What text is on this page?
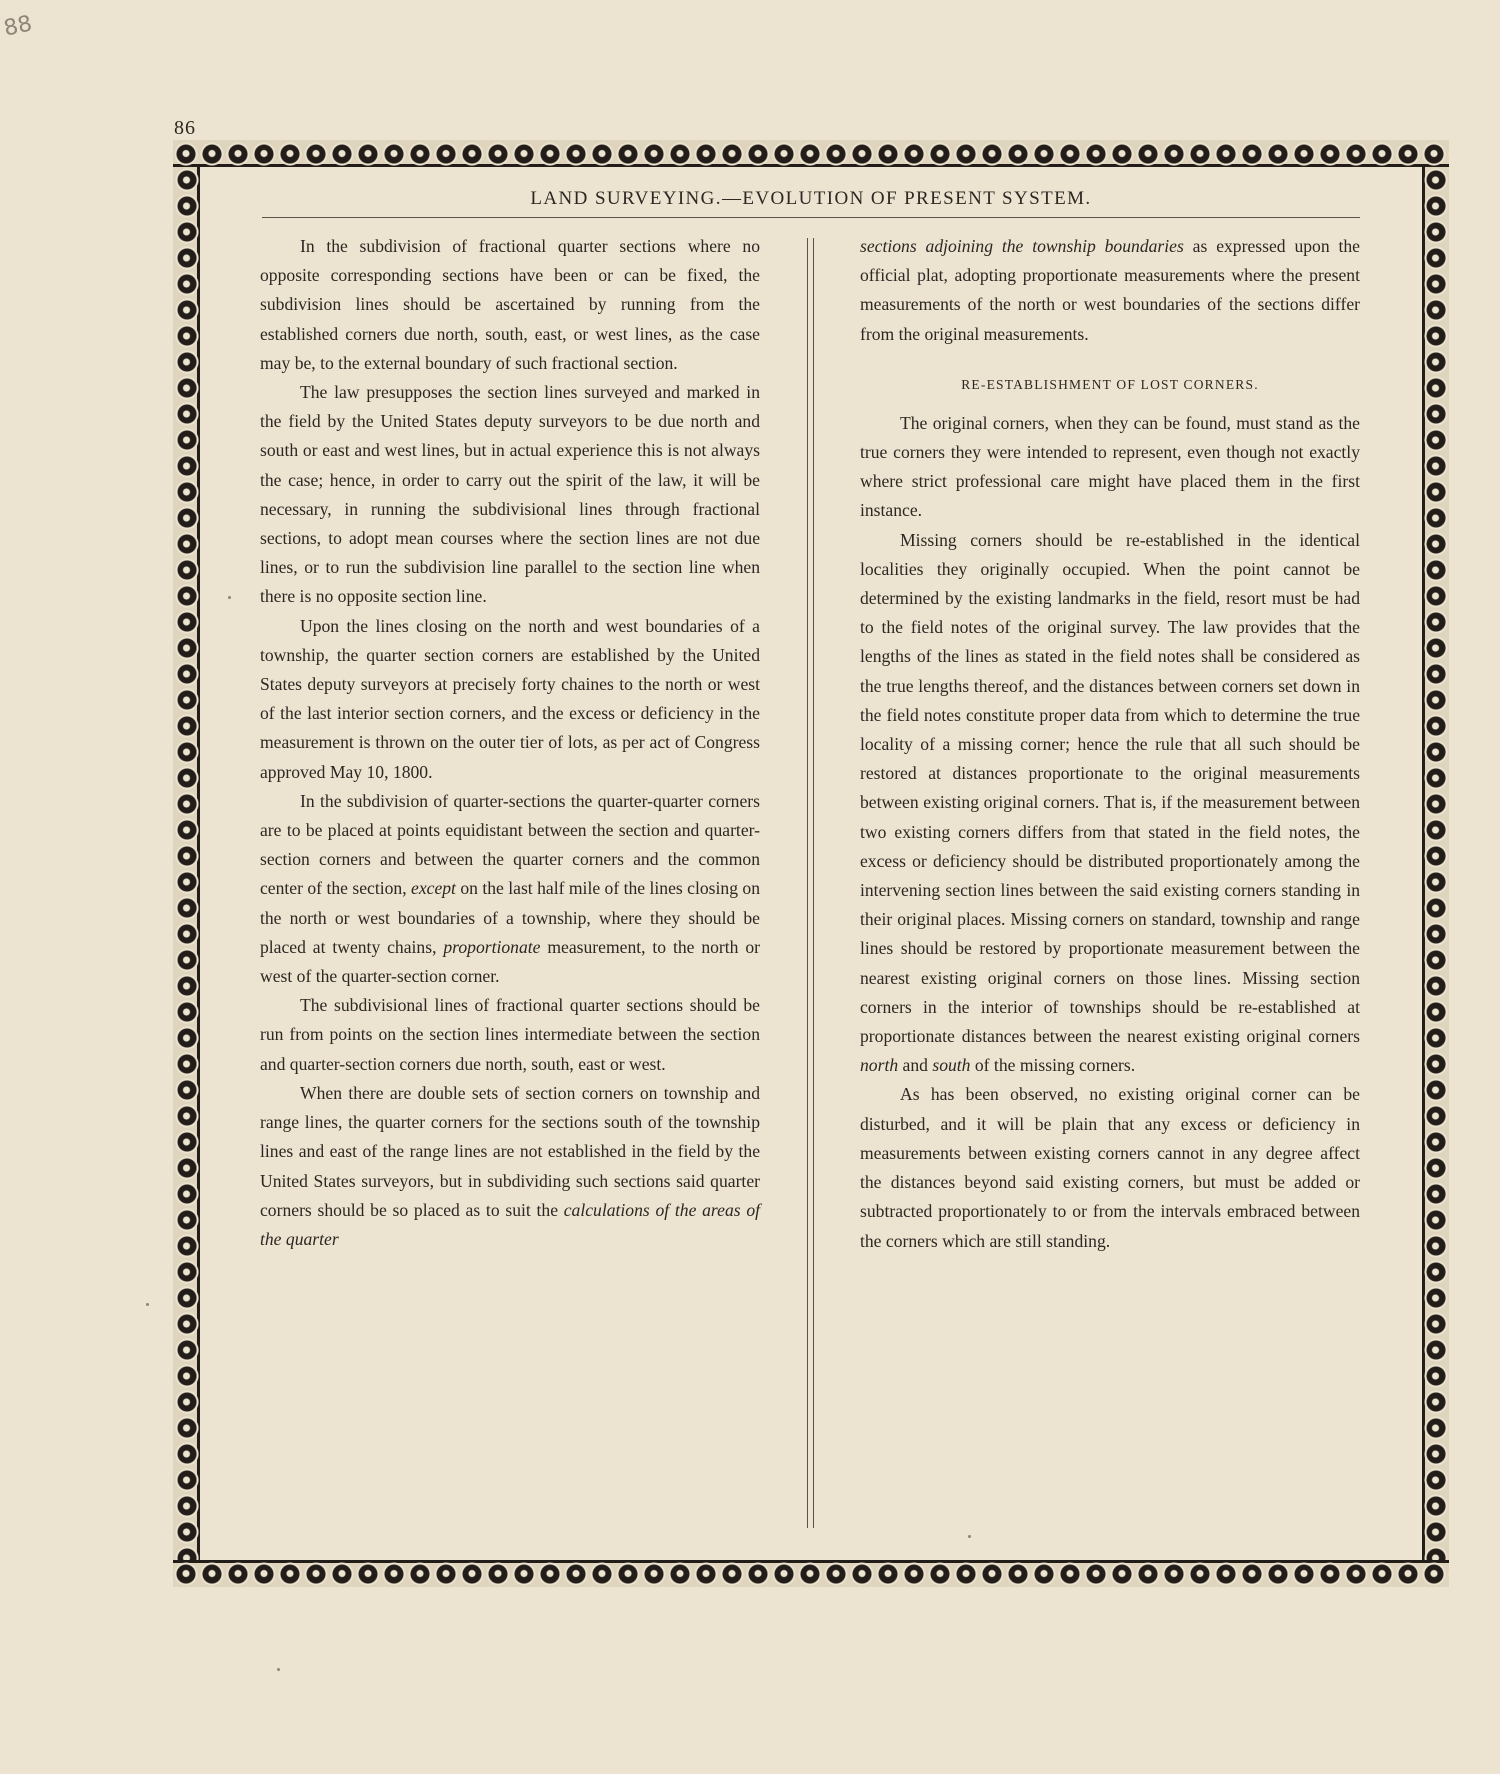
88
86
LAND SURVEYING.—EVOLUTION OF PRESENT SYSTEM.

In the subdivision of fractional quarter sections where no opposite corresponding sections have been or can be fixed, the subdivision lines should be ascertained by running from the established corners due north, south, east, or west lines, as the case may be, to the external boundary of such fractional section.

The law presupposes the section lines surveyed and marked in the field by the United States deputy surveyors to be due north and south or east and west lines, but in actual experience this is not always the case; hence, in order to carry out the spirit of the law, it will be necessary, in running the subdivisional lines through fractional sections, to adopt mean courses where the section lines are not due lines, or to run the subdivision line parallel to the section line when there is no opposite section line.

Upon the lines closing on the north and west boundaries of a township, the quarter section corners are established by the United States deputy surveyors at precisely forty chaines to the north or west of the last interior section corners, and the excess or deficiency in the measurement is thrown on the outer tier of lots, as per act of Congress approved May 10, 1800.

In the subdivision of quarter-sections the quarter-quarter corners are to be placed at points equidistant between the section and quarter-section corners and between the quarter corners and the common center of the section, except on the last half mile of the lines closing on the north or west boundaries of a township, where they should be placed at twenty chains, proportionate measurement, to the north or west of the quarter-section corner.

The subdivisional lines of fractional quarter sections should be run from points on the section lines intermediate between the section and quarter-section corners due north, south, east or west.

When there are double sets of section corners on township and range lines, the quarter corners for the sections south of the township lines and east of the range lines are not established in the field by the United States surveyors, but in subdividing such sections said quarter corners should be so placed as to suit the calculations of the areas of the quarter

sections adjoining the township boundaries as expressed upon the official plat, adopting proportionate measurements where the present measurements of the north or west boundaries of the sections differ from the original measurements.

RE-ESTABLISHMENT OF LOST CORNERS.

The original corners, when they can be found, must stand as the true corners they were intended to represent, even though not exactly where strict professional care might have placed them in the first instance.

Missing corners should be re-established in the identical localities they originally occupied. When the point cannot be determined by the existing landmarks in the field, resort must be had to the field notes of the original survey. The law provides that the lengths of the lines as stated in the field notes shall be considered as the true lengths thereof, and the distances between corners set down in the field notes constitute proper data from which to determine the true locality of a missing corner; hence the rule that all such should be restored at distances proportionate to the original measurements between existing original corners. That is, if the measurement between two existing corners differs from that stated in the field notes, the excess or deficiency should be distributed proportionately among the intervening section lines between the said existing corners standing in their original places. Missing corners on standard, township and range lines should be restored by proportionate measurement between the nearest existing original corners on those lines. Missing section corners in the interior of townships should be re-established at proportionate distances between the nearest existing original corners north and south of the missing corners.

As has been observed, no existing original corner can be disturbed, and it will be plain that any excess or deficiency in measurements between existing corners cannot in any degree affect the distances beyond said existing corners, but must be added or subtracted proportionately to or from the intervals embraced between the corners which are still standing.
